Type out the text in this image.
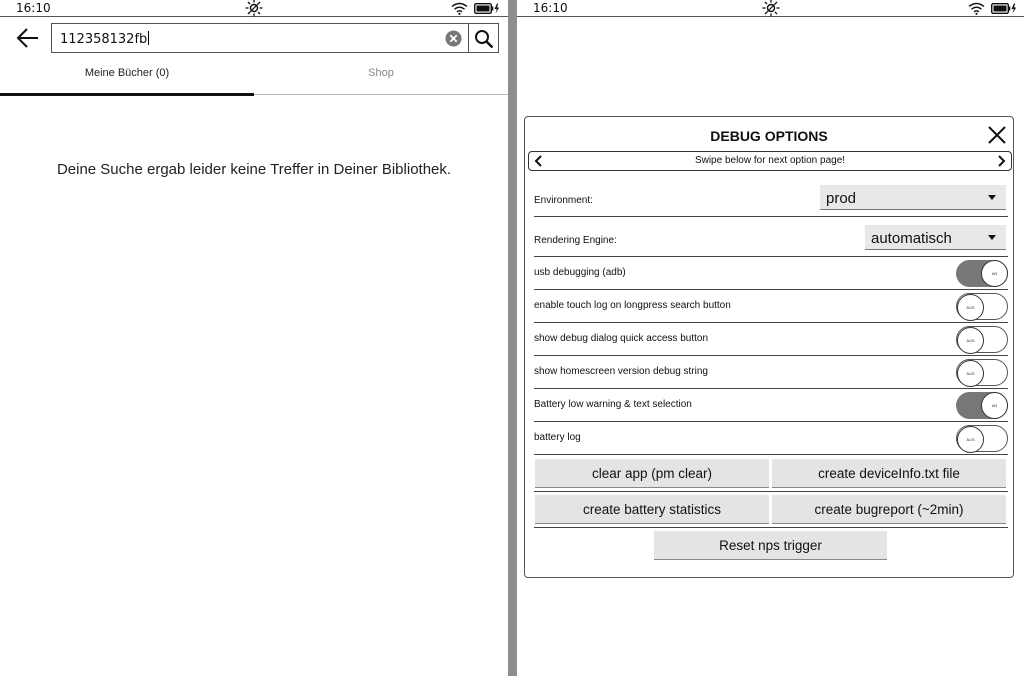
16:10
112358132fb
Meine Bücher (0)	Shop
Deine Suche ergab leider keine Treffer in Deiner Bibliothek.
16:10
DEBUG OPTIONS
Swipe below for next option page!
Environment:	prod
Rendering Engine:	automatisch
usb debugging (adb)	AN
enable touch log on longpress search button	AUS
show debug dialog quick access button	AUS
show homescreen version debug string	AUS
Battery low warning & text selection	AN
battery log	AUS
clear app (pm clear)	create deviceInfo.txt file
create battery statistics	create bugreport (~2min)
Reset nps trigger
